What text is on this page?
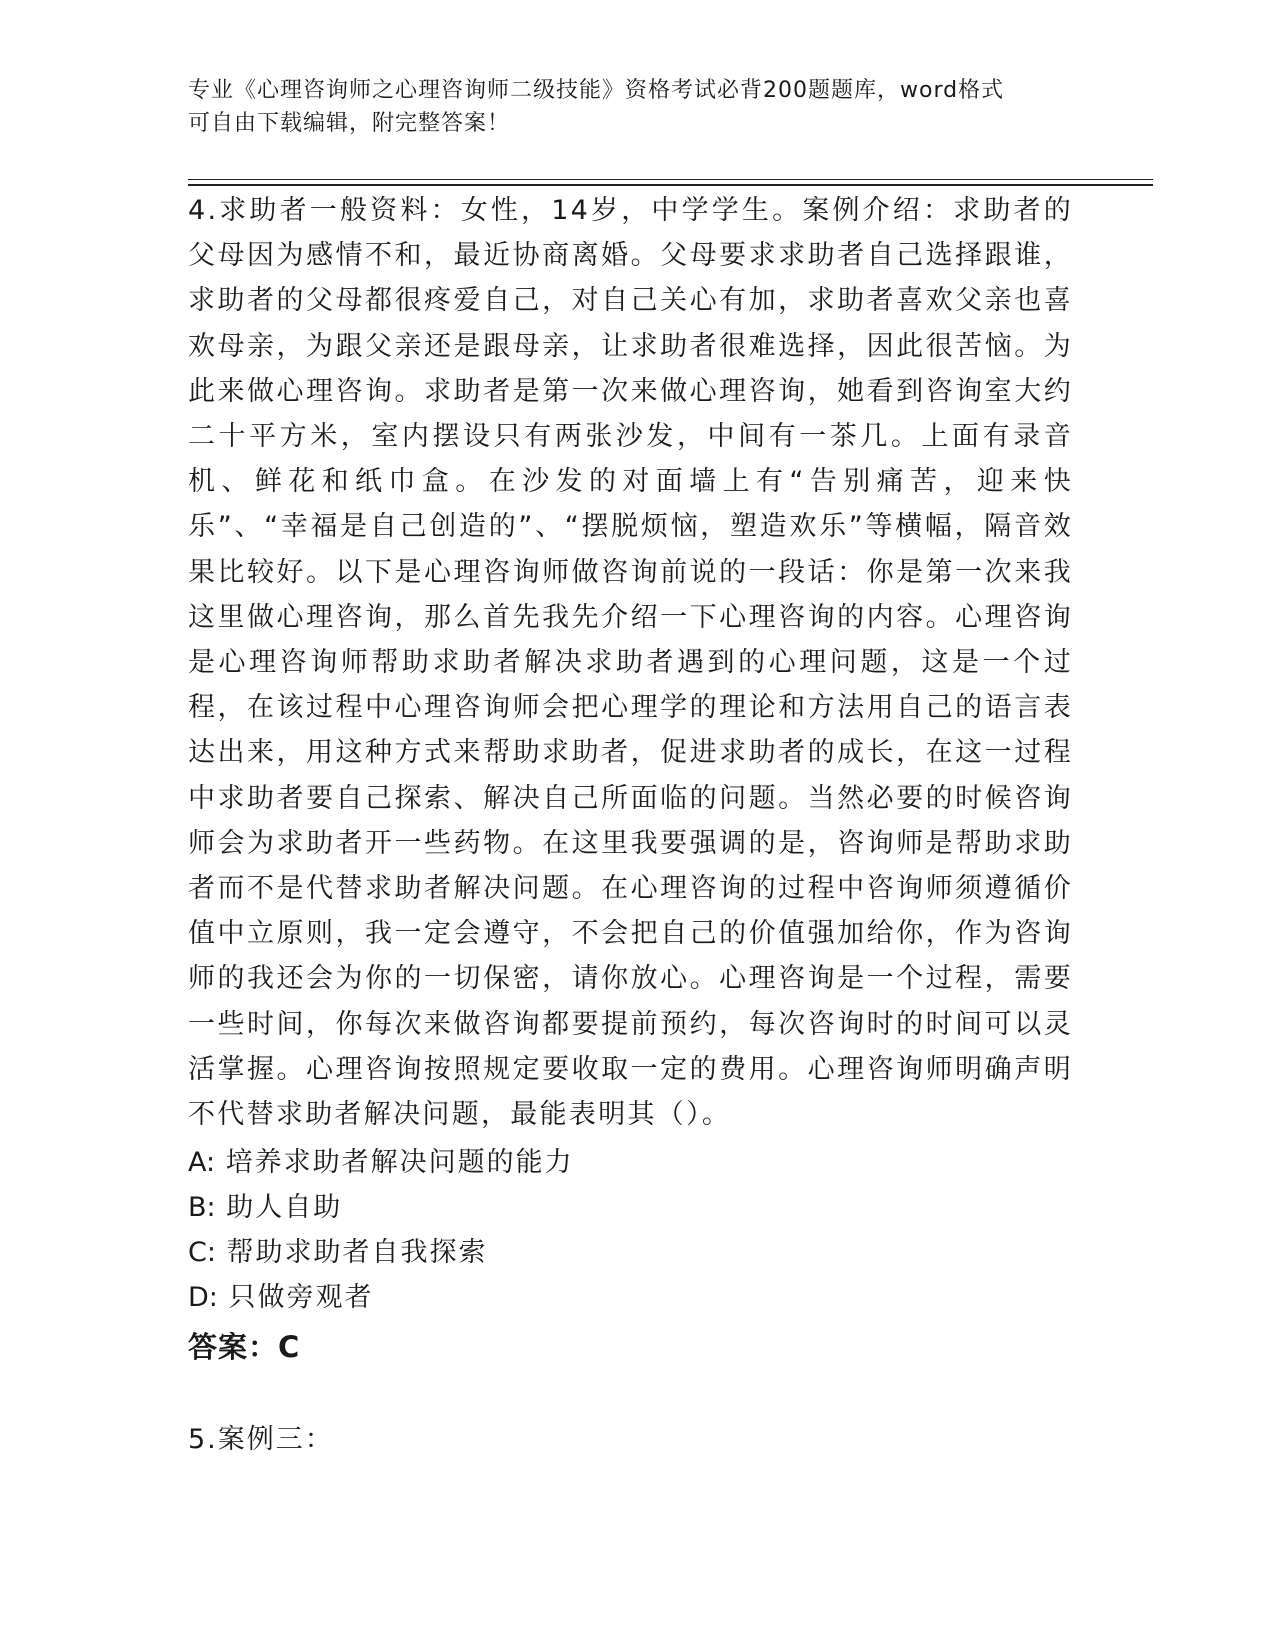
专业《心理咨询师之心理咨询师二级技能》资格考试必背200题题库，word格式
可自由下载编辑，附完整答案！
4.求助者一般资料：女性，14岁，中学学生。案例介绍：求助者的父母因为感情不和，最近协商离婚。父母要求求助者自己选择跟谁，求助者的父母都很疼爱自己，对自己关心有加，求助者喜欢父亲也喜欢母亲，为跟父亲还是跟母亲，让求助者很难选择，因此很苦恼。为此来做心理咨询。求助者是第一次来做心理咨询，她看到咨询室大约二十平方米，室内摆设只有两张沙发，中间有一茶几。上面有录音机、鲜花和纸巾盒。在沙发的对面墙上有“告别痛苦，迎来快乐”、“幸福是自己创造的”、“摆脱烦恼，塑造欢乐”等横幅，隔音效果比较好。以下是心理咨询师做咨询前说的一段话：你是第一次来我这里做心理咨询，那么首先我先介绍一下心理咨询的内容。心理咨询是心理咨询师帮助求助者解决求助者遇到的心理问题，这是一个过程，在该过程中心理咨询师会把心理学的理论和方法用自己的语言表达出来，用这种方式来帮助求助者，促进求助者的成长，在这一过程中求助者要自己探索、解决自己所面临的问题。当然必要的时候咨询师会为求助者开一些药物。在这里我要强调的是，咨询师是帮助求助者而不是代替求助者解决问题。在心理咨询的过程中咨询师须遵循价值中立原则，我一定会遵守，不会把自己的价值强加给你，作为咨询师的我还会为你的一切保密，请你放心。心理咨询是一个过程，需要一些时间，你每次来做咨询都要提前预约，每次咨询时的时间可以灵活掌握。心理咨询按照规定要收取一定的费用。心理咨询师明确声明不代替求助者解决问题，最能表明其（）。
A: 培养求助者解决问题的能力
B: 助人自助
C: 帮助求助者自我探索
D: 只做旁观者
答案：C
5.案例三：
